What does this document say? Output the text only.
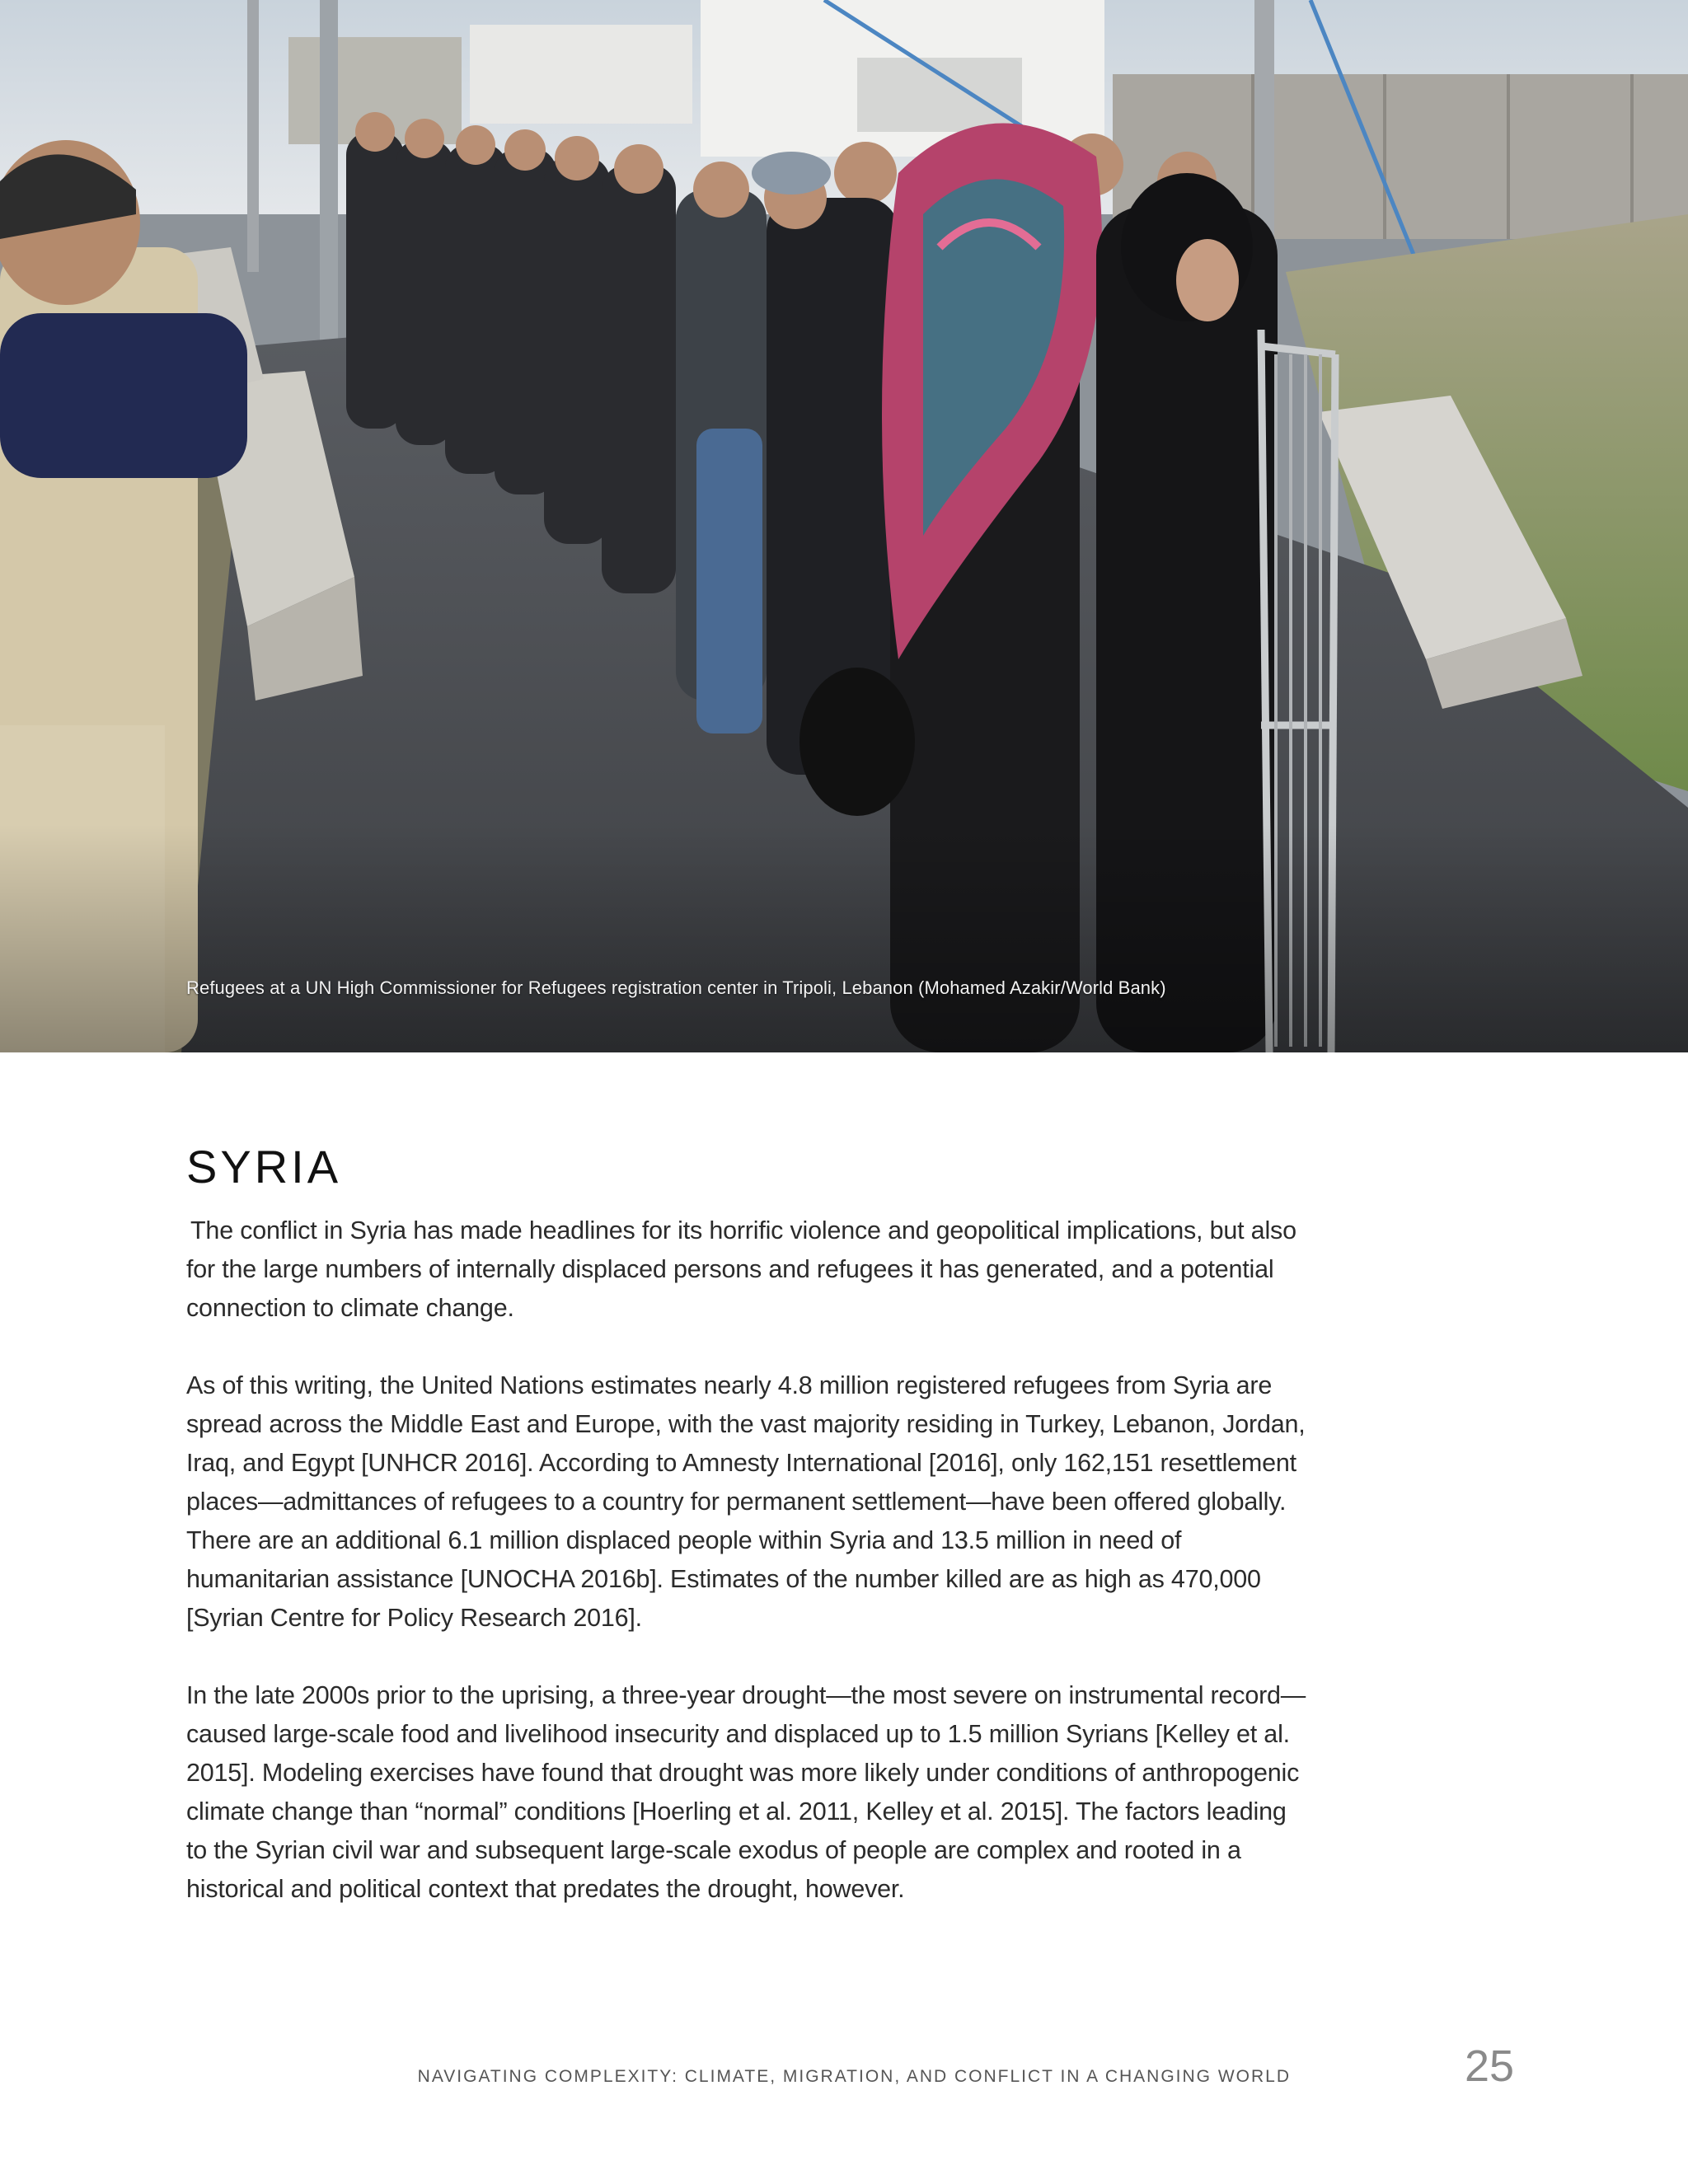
Refugees at a UN High Commissioner for Refugees registration center in Tripoli, Lebanon (Mohamed Azakir/World Bank)
SYRIA

The conflict in Syria has made headlines for its horrific violence and geopolitical implications, but also for the large numbers of internally displaced persons and refugees it has generated, and a potential connection to climate change.

As of this writing, the United Nations estimates nearly 4.8 million registered refugees from Syria are spread across the Middle East and Europe, with the vast majority residing in Turkey, Lebanon, Jordan, Iraq, and Egypt [UNHCR 2016]. According to Amnesty International [2016], only 162,151 resettlement places—admittances of refugees to a country for permanent settlement—have been offered globally. There are an additional 6.1 million displaced people within Syria and 13.5 million in need of humanitarian assistance [UNOCHA 2016b]. Estimates of the number killed are as high as 470,000 [Syrian Centre for Policy Research 2016].

In the late 2000s prior to the uprising, a three-year drought—the most severe on instrumental record—caused large-scale food and livelihood insecurity and displaced up to 1.5 million Syrians [Kelley et al. 2015]. Modeling exercises have found that drought was more likely under conditions of anthropogenic climate change than “normal” conditions [Hoerling et al. 2011, Kelley et al. 2015]. The factors leading to the Syrian civil war and subsequent large-scale exodus of people are complex and rooted in a historical and political context that predates the drought, however.

NAVIGATING COMPLEXITY: CLIMATE, MIGRATION, AND CONFLICT IN A CHANGING WORLD	25
